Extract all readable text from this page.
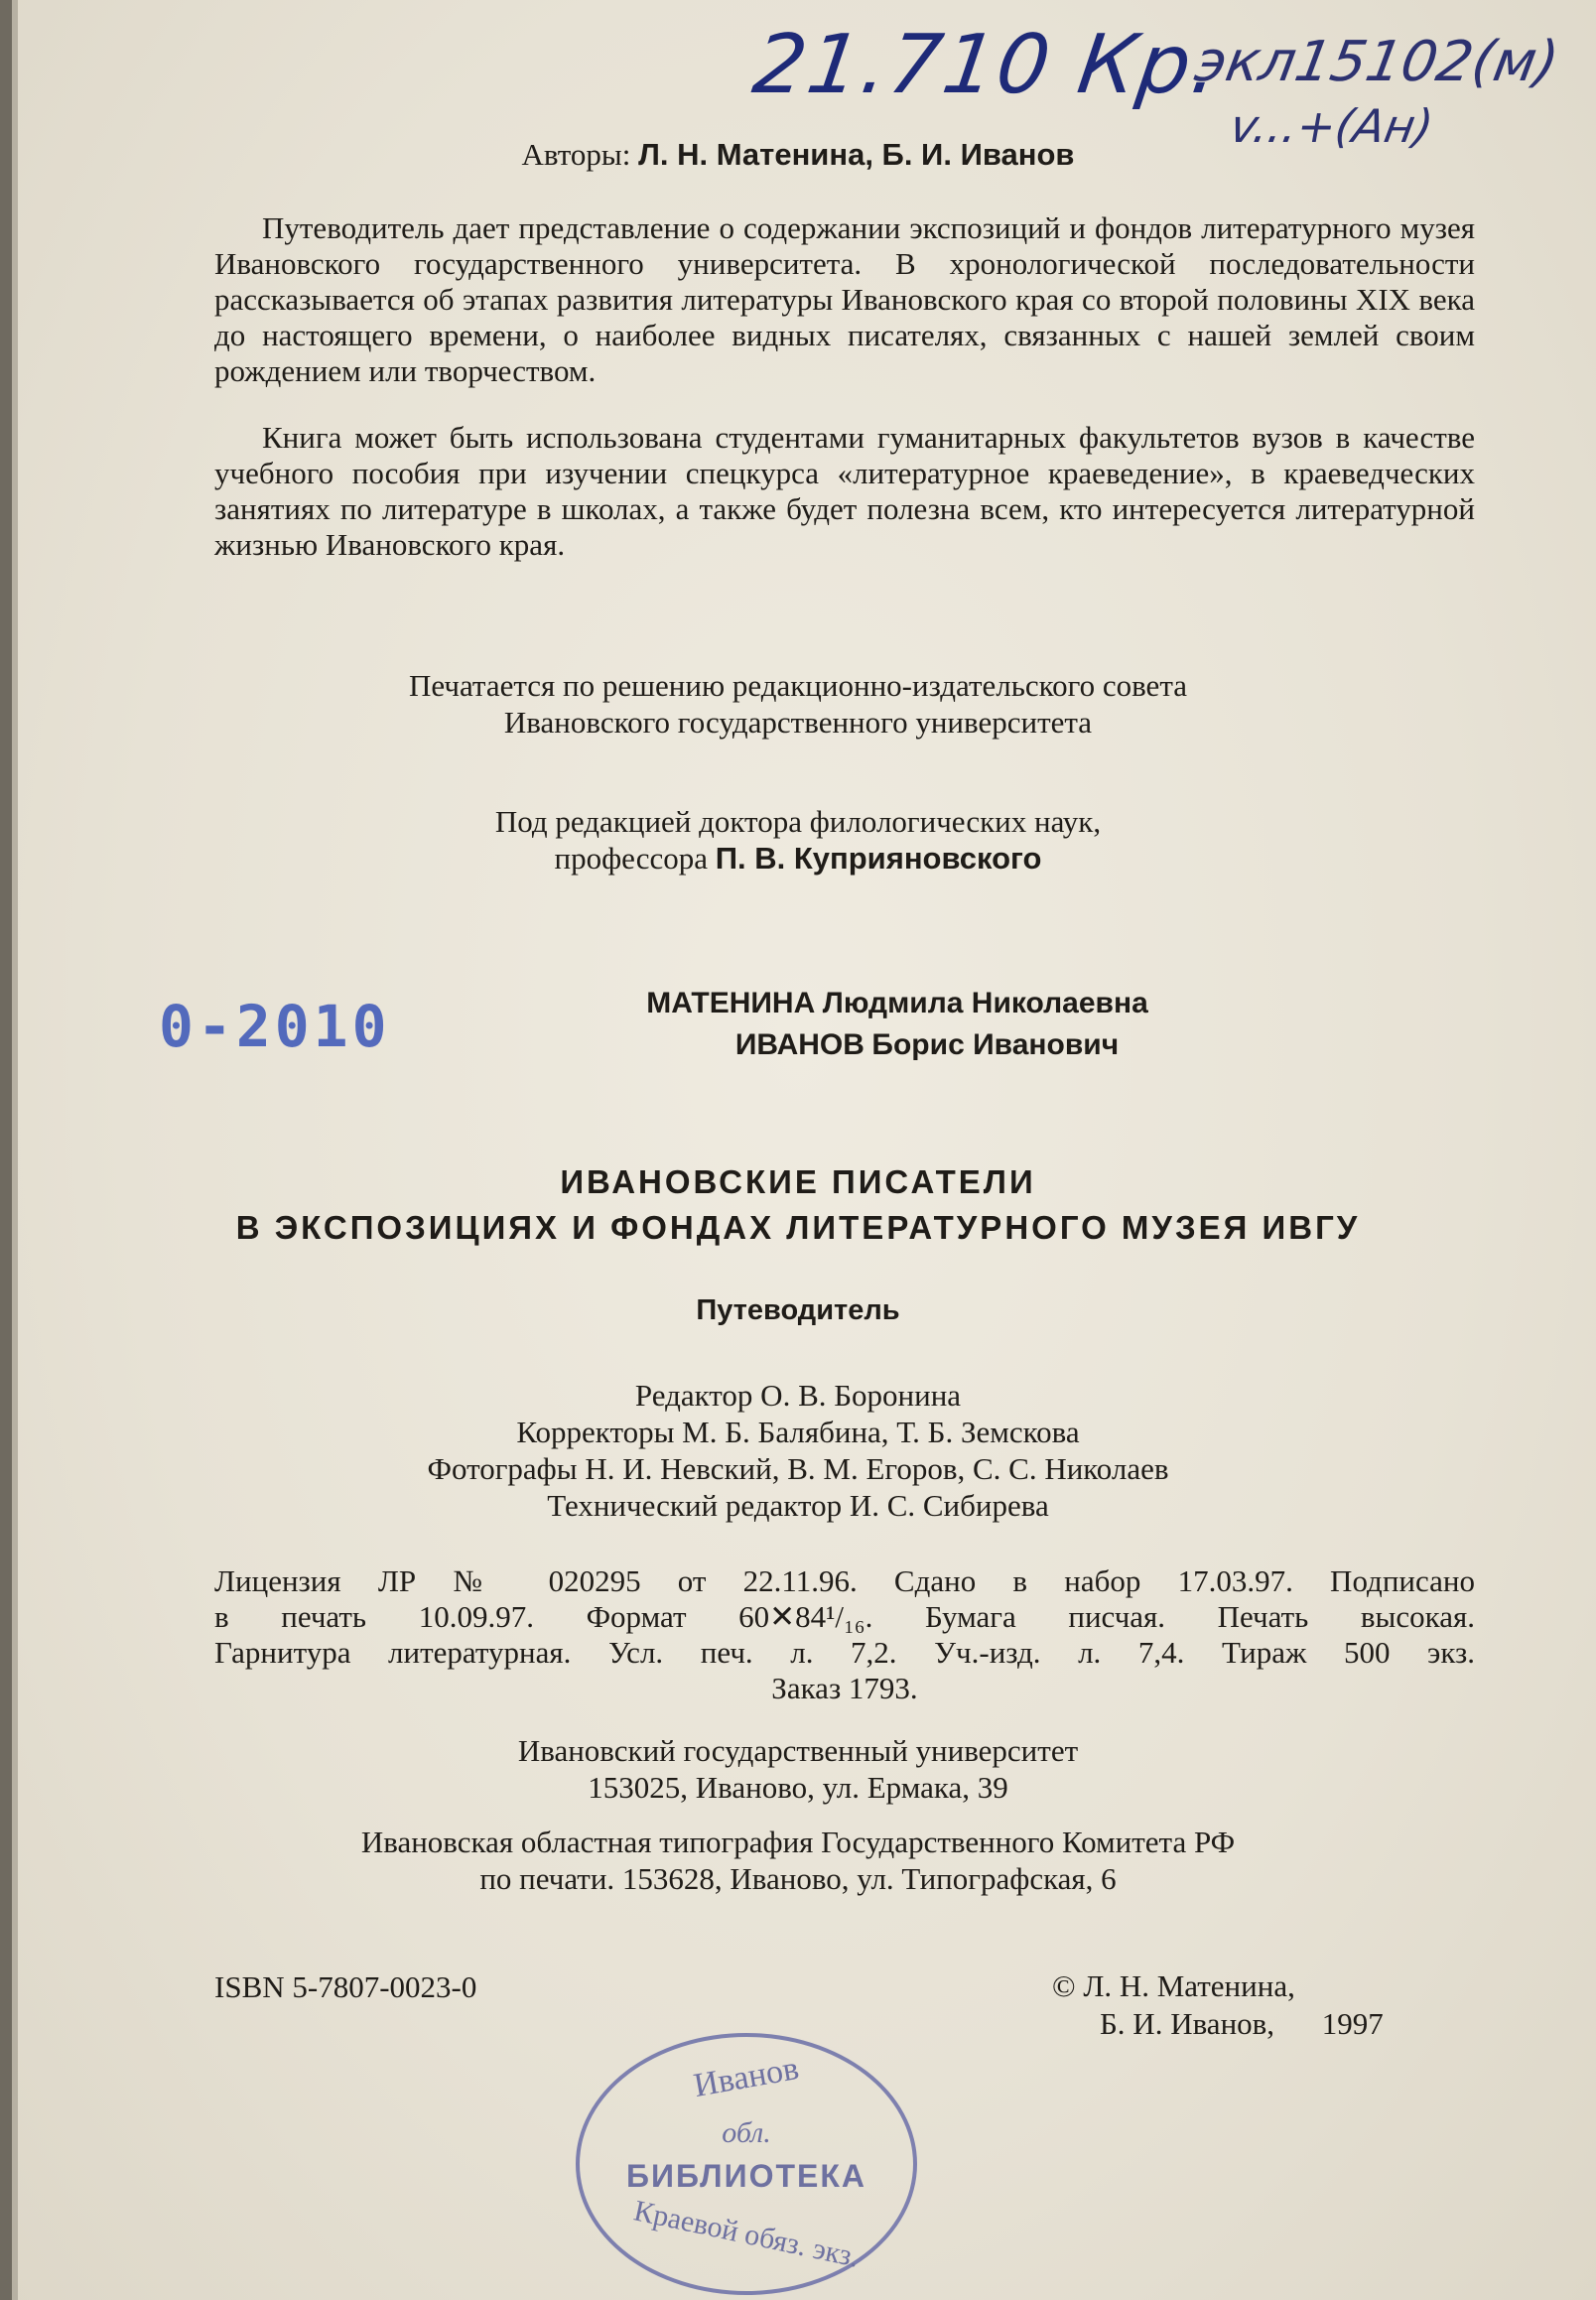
21.710 Кр.
экл15102(м)
v...+(Ан)
Авторы: Л. Н. Матенина, Б. И. Иванов

Путеводитель дает представление о содержании экспозиций и фондов литературного музея Ивановского государственного университета. В хронологической последовательности рассказывается об этапах развития литературы Ивановского края со второй половины XIX века до настоящего времени, о наиболее видных писателях, связанных с нашей землей своим рождением или творчеством.

Книга может быть использована студентами гуманитарных факультетов вузов в качестве учебного пособия при изучении спецкурса «литературное краеведение», в краеведческих занятиях по литературе в школах, а также будет полезна всем, кто интересуется литературной жизнью Ивановского края.

Печатается по решению редакционно-издательского совета
Ивановского государственного университета
Под редакцией доктора филологических наук,
профессора П. В. Куприяновского
0-2010	МАТЕНИНА Людмила Николаевна
ИВАНОВ Борис Иванович
ИВАНОВСКИЕ ПИСАТЕЛИ
В ЭКСПОЗИЦИЯХ И ФОНДАХ ЛИТЕРАТУРНОГО МУЗЕЯ ИВГУ
Путеводитель
Редактор О. В. Боронина
Корректоры М. Б. Балябина, Т. Б. Земскова
Фотографы Н. И. Невский, В. М. Егоров, С. С. Николаев
Технический редактор И. С. Сибирева
Лицензия ЛР № 020295 от 22.11.96. Сдано в набор 17.03.97. Подписано
в печать 10.09.97. Формат 60✕84¹/₁₆. Бумага писчая. Печать высокая.
Гарнитура литературная. Усл. печ. л. 7,2. Уч.-изд. л. 7,4. Тираж 500 экз.
Заказ 1793.
Ивановский государственный университет
153025, Иваново, ул. Ермака, 39
Ивановская областная типография Государственного Комитета РФ
по печати. 153628, Иваново, ул. Типографская, 6
ISBN 5-7807-0023-0	© Л. Н. Матенина,
Б. И. Иванов, 1997
Иванов
обл.
БИБЛИОТЕКА
Краевой обяз. экз.
